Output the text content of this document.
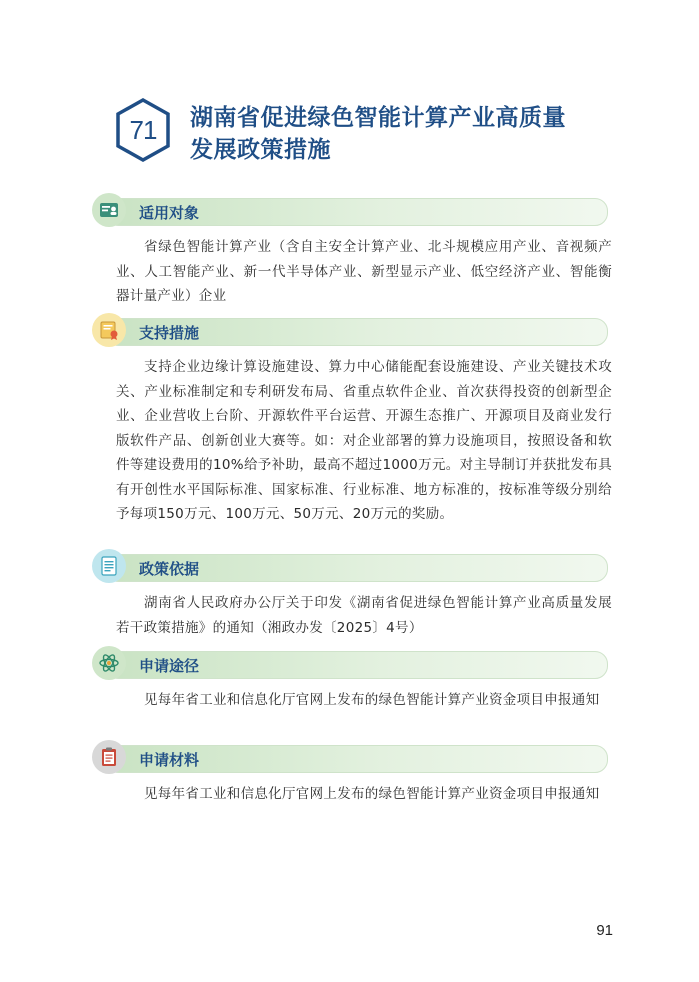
71	湖南省促进绿色智能计算产业高质量
发展政策措施
适用对象
省绿色智能计算产业（含自主安全计算产业、北斗规模应用产业、音视频产业、人工智能产业、新一代半导体产业、新型显示产业、低空经济产业、智能衡器计量产业）企业
支持措施
支持企业边缘计算设施建设、算力中心储能配套设施建设、产业关键技术攻关、产业标准制定和专利研发布局、省重点软件企业、首次获得投资的创新型企业、企业营收上台阶、开源软件平台运营、开源生态推广、开源项目及商业发行版软件产品、创新创业大赛等。如：对企业部署的算力设施项目，按照设备和软件等建设费用的10%给予补助，最高不超过1000万元。对主导制订并获批发布具有开创性水平国际标准、国家标准、行业标准、地方标准的，按标准等级分别给予每项150万元、100万元、50万元、20万元的奖励。
政策依据
湖南省人民政府办公厅关于印发《湖南省促进绿色智能计算产业高质量发展若干政策措施》的通知（湘政办发〔2025〕4号）
申请途径
见每年省工业和信息化厅官网上发布的绿色智能计算产业资金项目申报通知
申请材料
见每年省工业和信息化厅官网上发布的绿色智能计算产业资金项目申报通知
91
